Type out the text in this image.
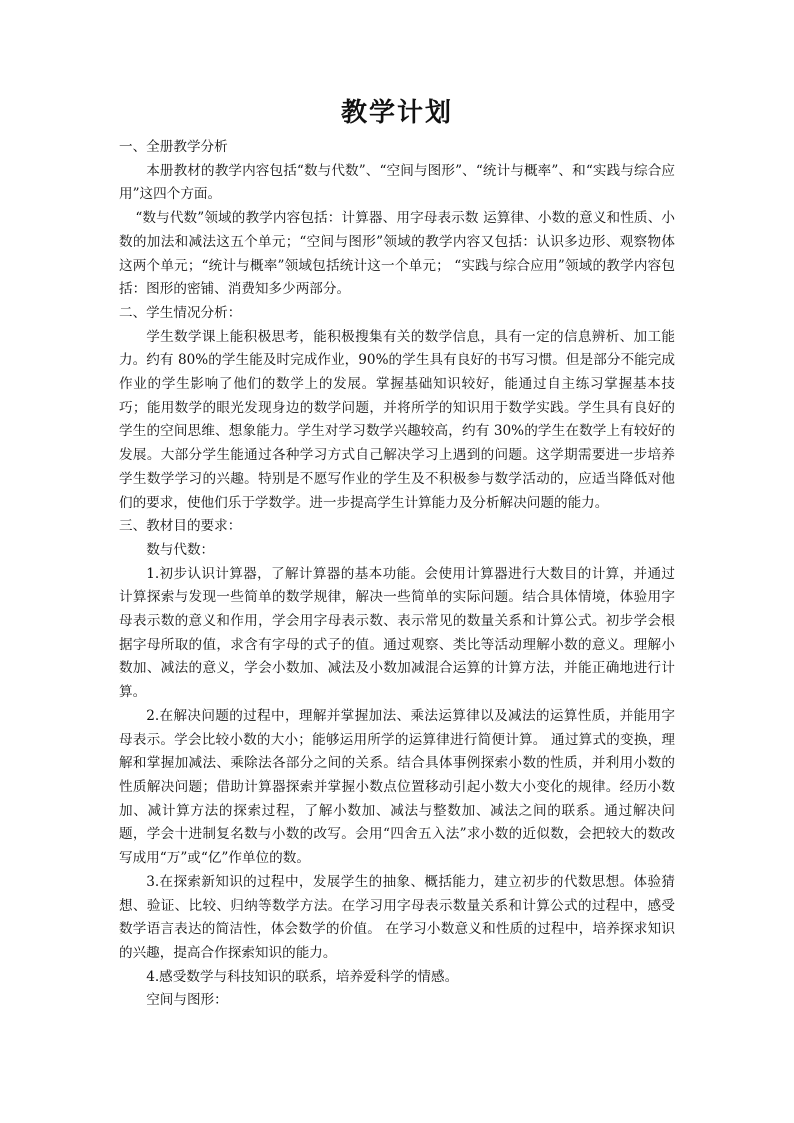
教学计划

一、全册教学分析

本册教材的教学内容包括“数与代数”、“空间与图形”、“统计与概率”、和“实践与综合应用”这四个方面。

“数与代数”领域的教学内容包括：计算器、用字母表示数 运算律、小数的意义和性质、小数的加法和减法这五个单元；“空间与图形”领域的教学内容又包括：认识多边形、观察物体这两个单元；“统计与概率”领域包括统计这一个单元； “实践与综合应用”领域的教学内容包括：图形的密铺、消费知多少两部分。

二、学生情况分析：

学生数学课上能积极思考，能积极搜集有关的数学信息，具有一定的信息辨析、加工能力。约有 80%的学生能及时完成作业，90%的学生具有良好的书写习惯。但是部分不能完成作业的学生影响了他们的数学上的发展。掌握基础知识较好，能通过自主练习掌握基本技巧；能用数学的眼光发现身边的数学问题，并将所学的知识用于数学实践。学生具有良好的学生的空间思维、想象能力。学生对学习数学兴趣较高，约有 30%的学生在数学上有较好的发展。大部分学生能通过各种学习方式自己解决学习上遇到的问题。这学期需要进一步培养学生数学学习的兴趣。特别是不愿写作业的学生及不积极参与数学活动的，应适当降低对他们的要求，使他们乐于学数学。进一步提高学生计算能力及分析解决问题的能力。

三、教材目的要求：

数与代数：

1.初步认识计算器，了解计算器的基本功能。会使用计算器进行大数目的计算，并通过计算探索与发现一些简单的数学规律，解决一些简单的实际问题。结合具体情境，体验用字母表示数的意义和作用，学会用字母表示数、表示常见的数量关系和计算公式。初步学会根据字母所取的值，求含有字母的式子的值。通过观察、类比等活动理解小数的意义。理解小数加、减法的意义，学会小数加、减法及小数加减混合运算的计算方法，并能正确地进行计算。

2.在解决问题的过程中，理解并掌握加法、乘法运算律以及减法的运算性质，并能用字母表示。学会比较小数的大小；能够运用所学的运算律进行简便计算。 通过算式的变换，理解和掌握加减法、乘除法各部分之间的关系。结合具体事例探索小数的性质，并利用小数的性质解决问题；借助计算器探索并掌握小数点位置移动引起小数大小变化的规律。经历小数加、减计算方法的探索过程，了解小数加、减法与整数加、减法之间的联系。通过解决问题，学会十进制复名数与小数的改写。会用“四舍五入法”求小数的近似数，会把较大的数改写成用“万”或“亿”作单位的数。

3.在探索新知识的过程中，发展学生的抽象、概括能力，建立初步的代数思想。体验猜想、验证、比较、归纳等数学方法。在学习用字母表示数量关系和计算公式的过程中，感受数学语言表达的简洁性，体会数学的价值。 在学习小数意义和性质的过程中，培养探求知识的兴趣，提高合作探索知识的能力。

4.感受数学与科技知识的联系，培养爱科学的情感。

空间与图形：
